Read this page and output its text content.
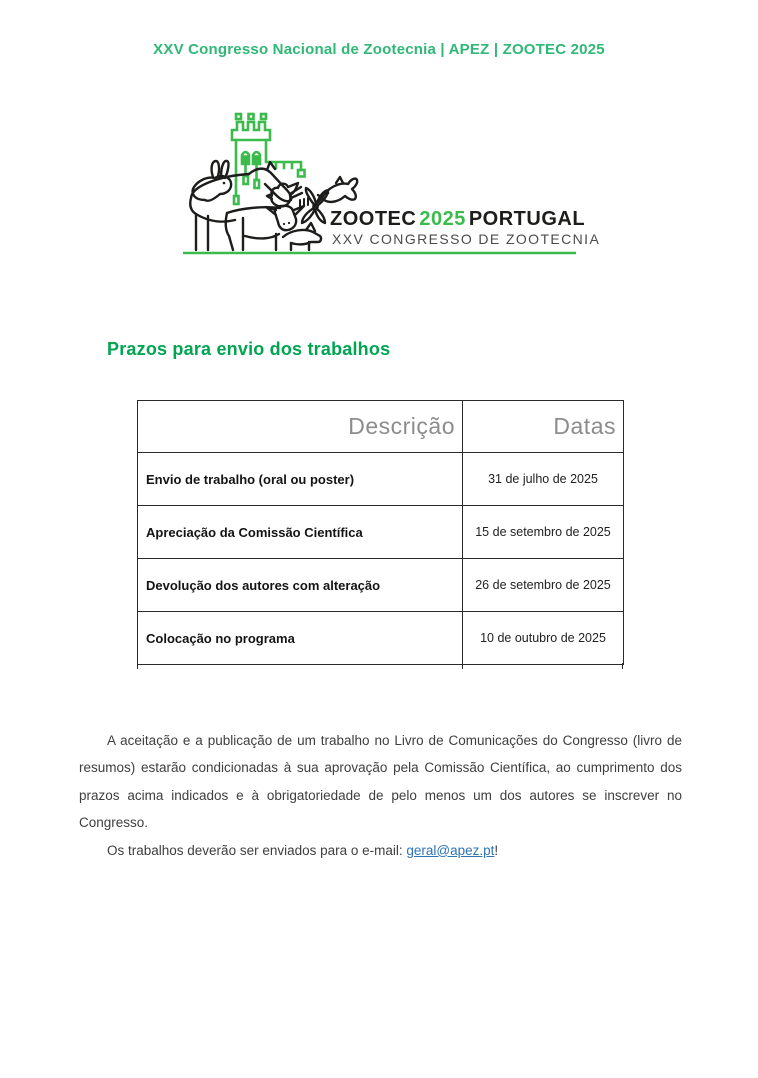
XXV Congresso Nacional de Zootecnia | APEZ | ZOOTEC 2025
ZOOTEC 2025 PORTUGAL
XXV CONGRESSO DE ZOOTECNIA
Prazos para envio dos trabalhos
Descrição	Datas
Envio de trabalho (oral ou poster)	31 de julho de 2025
Apreciação da Comissão Científica	15 de setembro de 2025
Devolução dos autores com alteração	26 de setembro de 2025
Colocação no programa	10 de outubro de 2025

A aceitação e a publicação de um trabalho no Livro de Comunicações do Congresso (livro de resumos) estarão condicionadas à sua aprovação pela Comissão Científica, ao cumprimento dos prazos acima indicados e à obrigatoriedade de pelo menos um dos autores se inscrever no Congresso.

Os trabalhos deverão ser enviados para o e-mail: geral@apez.pt!
